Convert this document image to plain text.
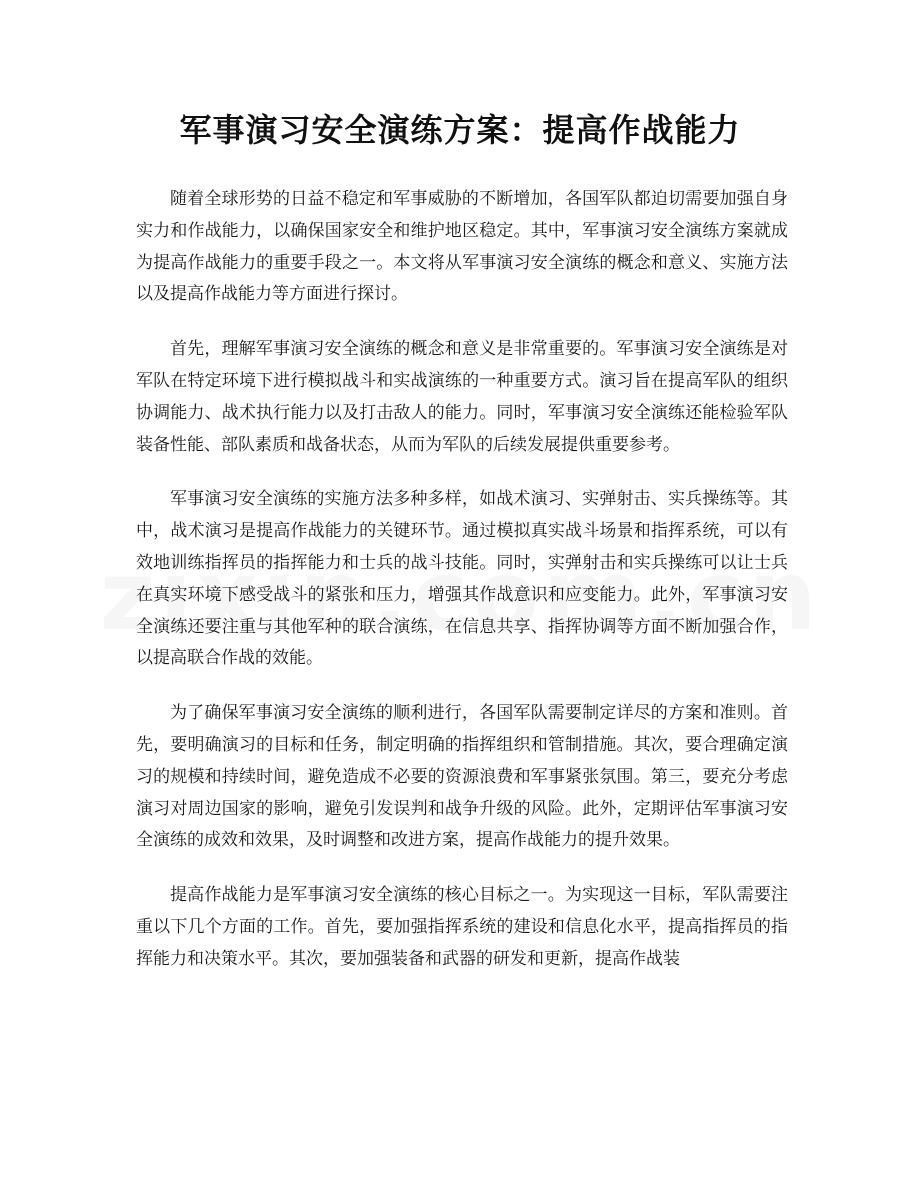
军事演习安全演练方案：提高作战能力

随着全球形势的日益不稳定和军事威胁的不断增加，各国军队都迫切需要加强自身实力和作战能力，以确保国家安全和维护地区稳定。其中，军事演习安全演练方案就成为提高作战能力的重要手段之一。本文将从军事演习安全演练的概念和意义、实施方法以及提高作战能力等方面进行探讨。

首先，理解军事演习安全演练的概念和意义是非常重要的。军事演习安全演练是对军队在特定环境下进行模拟战斗和实战演练的一种重要方式。演习旨在提高军队的组织协调能力、战术执行能力以及打击敌人的能力。同时，军事演习安全演练还能检验军队装备性能、部队素质和战备状态，从而为军队的后续发展提供重要参考。

军事演习安全演练的实施方法多种多样，如战术演习、实弹射击、实兵操练等。其中，战术演习是提高作战能力的关键环节。通过模拟真实战斗场景和指挥系统，可以有效地训练指挥员的指挥能力和士兵的战斗技能。同时，实弹射击和实兵操练可以让士兵在真实环境下感受战斗的紧张和压力，增强其作战意识和应变能力。此外，军事演习安全演练还要注重与其他军种的联合演练，在信息共享、指挥协调等方面不断加强合作，以提高联合作战的效能。

为了确保军事演习安全演练的顺利进行，各国军队需要制定详尽的方案和准则。首先，要明确演习的目标和任务，制定明确的指挥组织和管制措施。其次，要合理确定演习的规模和持续时间，避免造成不必要的资源浪费和军事紧张氛围。第三，要充分考虑演习对周边国家的影响，避免引发误判和战争升级的风险。此外，定期评估军事演习安全演练的成效和效果，及时调整和改进方案，提高作战能力的提升效果。

提高作战能力是军事演习安全演练的核心目标之一。为实现这一目标，军队需要注重以下几个方面的工作。首先，要加强指挥系统的建设和信息化水平，提高指挥员的指挥能力和决策水平。其次，要加强装备和武器的研发和更新，提高作战装
